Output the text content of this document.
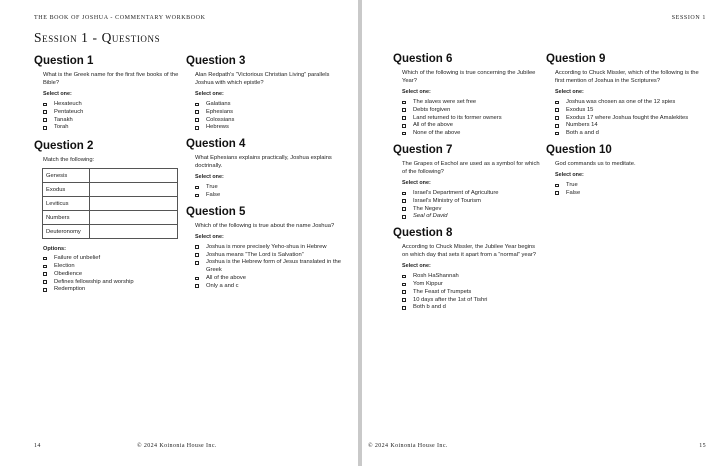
THE BOOK OF JOSHUA - COMMENTARY WORKBOOK
Session 1 - Questions
Question 1
What is the Greek name for the first five books of the Bible?
Select one:
Hexateuch
Pentateuch
Tanakh
Torah
Question 2
Match the following:
Genesis	
Exodus	
Leviticus	
Numbers	
Deuteronomy	
Options:
Failure of unbelief
Election
Obedience
Defines fellowship and worship
Redemption
Question 3
Alan Redpath's “Victorious Christian Living” parallels Joshua with which epistle?
Select one:
Galatians
Ephesians
Colossians
Hebrews
Question 4
What Ephesians explains practically, Joshua explains doctrinally.
Select one:
True
False
Question 5
Which of the following is true about the name Joshua?
Select one:
Joshua is more precisely Yeho-shua in Hebrew
Joshua means “The Lord is Salvation”
Joshua is the Hebrew form of Jesus translated in the Greek
All of the above
Only a and c
14	© 2024 Koinonia House Inc.
SESSION 1
Question 6
Which of the following is true concerning the Jubilee Year?
Select one:
The slaves were set free
Debts forgiven
Land returned to its former owners
All of the above
None of the above
Question 7
The Grapes of Eschol are used as a symbol for which of the following?
Select one:
Israel's Department of Agriculture
Israel's Ministry of Tourism
The Negev
Seal of David
Question 8
According to Chuck Missler, the Jubilee Year begins on which day that sets it apart from a “normal” year?
Select one:
Rosh HaShannah
Yom Kippur
The Feast of Trumpets
10 days after the 1st of Tishri
Both b and d
Question 9
According to Chuck Missler, which of the following is the first mention of Joshua in the Scriptures?
Select one:
Joshua was chosen as one of the 12 spies
Exodus 15
Exodus 17 where Joshua fought the Amalekites
Numbers 14
Both a and d
Question 10
God commands us to meditate.
Select one:
True
False
© 2024 Koinonia House Inc.	15
